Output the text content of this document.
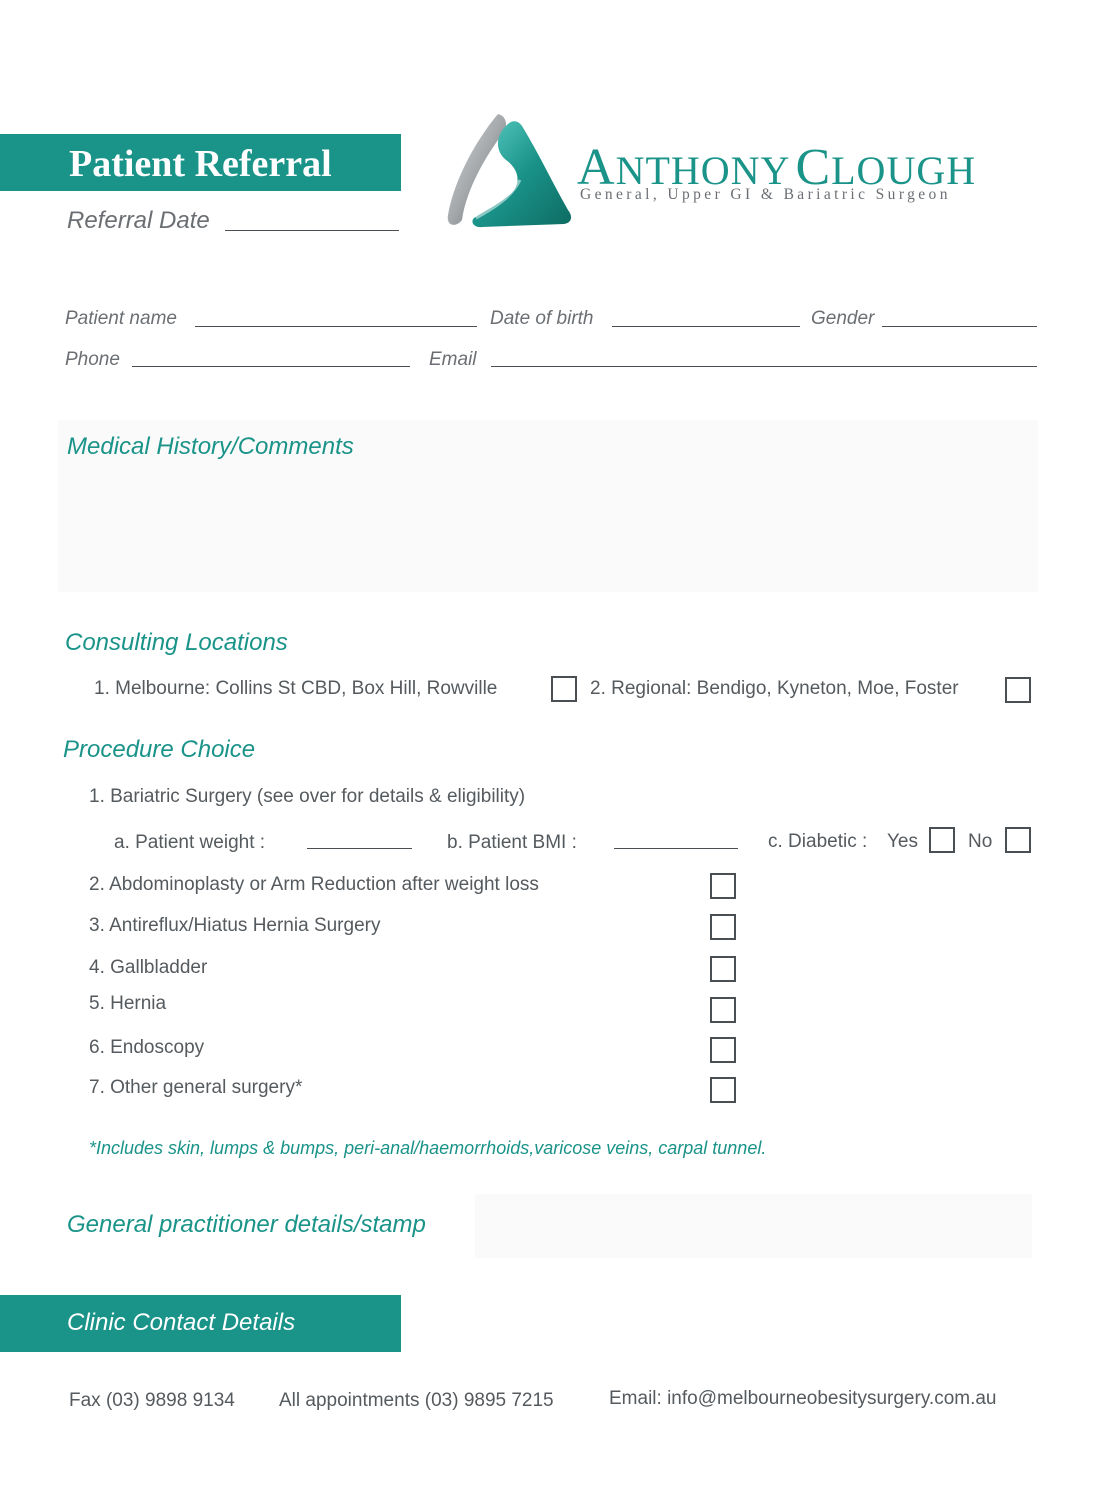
Patient Referral
Referral Date
ANTHONY CLOUGH
General, Upper GI & Bariatric Surgeon
Patient name	Date of birth	Gender
Phone	Email
Medical History/Comments
Consulting Locations
1. Melbourne: Collins St CBD, Box Hill, Rowville	2. Regional: Bendigo, Kyneton, Moe, Foster
Procedure Choice
1. Bariatric Surgery (see over for details & eligibility)
a. Patient weight :	b. Patient BMI :	c. Diabetic : Yes	No
2. Abdominoplasty or Arm Reduction after weight loss
3. Antireflux/Hiatus Hernia Surgery
4. Gallbladder
5. Hernia
6. Endoscopy
7. Other general surgery*
*Includes skin, lumps & bumps, peri-anal/haemorrhoids,varicose veins, carpal tunnel.
General practitioner details/stamp
Clinic Contact Details
Fax (03) 9898 9134 All appointments (03) 9895 7215	Email: info@melbourneobesitysurgery.com.au
